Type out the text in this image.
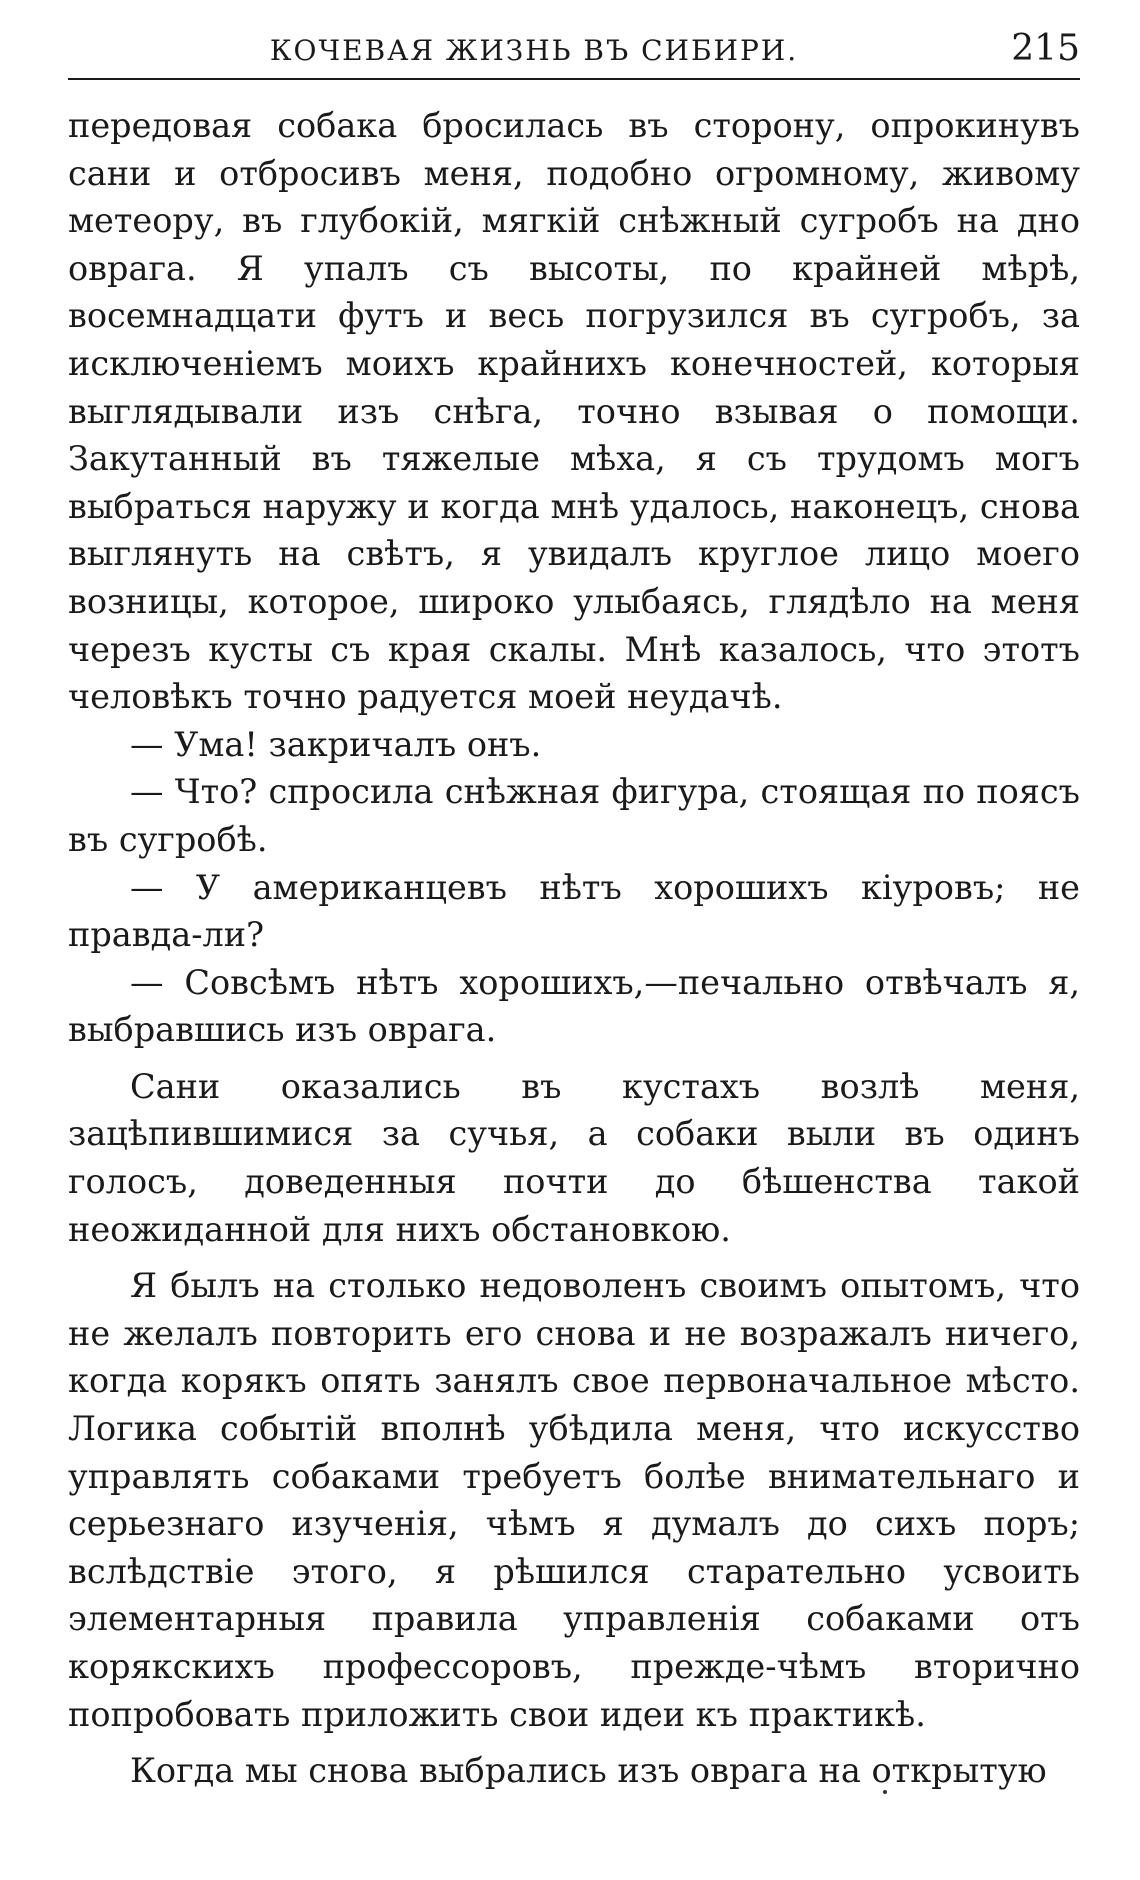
КОЧЕВАЯ ЖИЗНЬ ВЪ СИБИРИ.	215

передовая собака бросилась въ сторону, опрокинувъ сани и отбросивъ меня, подобно огромному, живому метеору, въ глубокій, мягкій снѣжный сугробъ на дно оврага. Я упалъ съ высоты, по крайней мѣрѣ, восемнадцати футъ и весь погрузился въ сугробъ, за исключеніемъ моихъ крайнихъ конечностей, которыя выглядывали изъ снѣга, точно взывая о помощи. Закутанный въ тяжелые мѣха, я съ трудомъ могъ выбраться наружу и когда мнѣ удалось, наконецъ, снова выглянуть на свѣтъ, я увидалъ круглое лицо моего возницы, которое, широко улыбаясь, глядѣло на меня черезъ кусты съ края скалы. Мнѣ казалось, что этотъ человѣкъ точно радуется моей неудачѣ.

— Ума! закричалъ онъ.

— Что? спросила снѣжная фигура, стоящая по поясъ въ сугробѣ.

— У американцевъ нѣтъ хорошихъ кіуровъ; не правда-ли?

— Совсѣмъ нѣтъ хорошихъ,—печально отвѣчалъ я, выбравшись изъ оврага.

Сани оказались въ кустахъ возлѣ меня, зацѣпившимися за сучья, а собаки выли въ одинъ голосъ, доведенныя почти до бѣшенства такой неожиданной для нихъ обстановкою.

Я былъ на столько недоволенъ своимъ опытомъ, что не желалъ повторить его снова и не возражалъ ничего, когда корякъ опять занялъ свое первоначальное мѣсто. Логика событій вполнѣ убѣдила меня, что искусство управлять собаками требуетъ болѣе внимательнаго и серьезнаго изученія, чѣмъ я думалъ до сихъ поръ; вслѣдствіе этого, я рѣшился старательно усвоить элементарныя правила управленія собаками отъ корякскихъ профессоровъ, прежде-чѣмъ вторично попробовать приложить свои идеи къ практикѣ.

Когда мы снова выбрались изъ оврага на открытую
